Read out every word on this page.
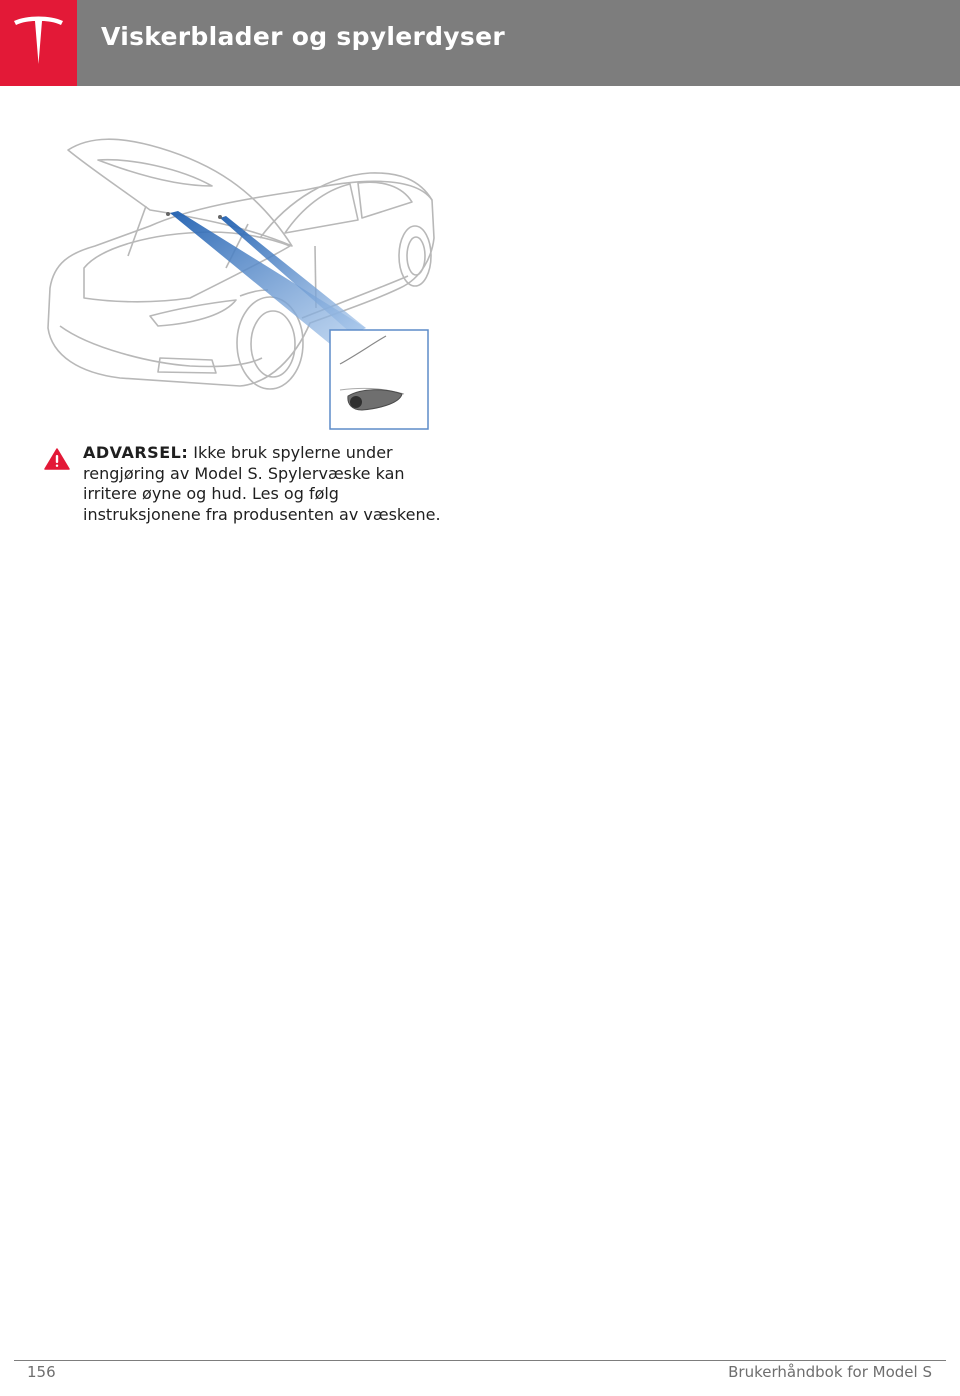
Viskerblader og spylerdyser
ADVARSEL: Ikke bruk spylerne under rengjøring av Model S. Spylervæske kan irritere øyne og hud. Les og følg instruksjonene fra produsenten av væskene.
156	Brukerhåndbok for Model S
